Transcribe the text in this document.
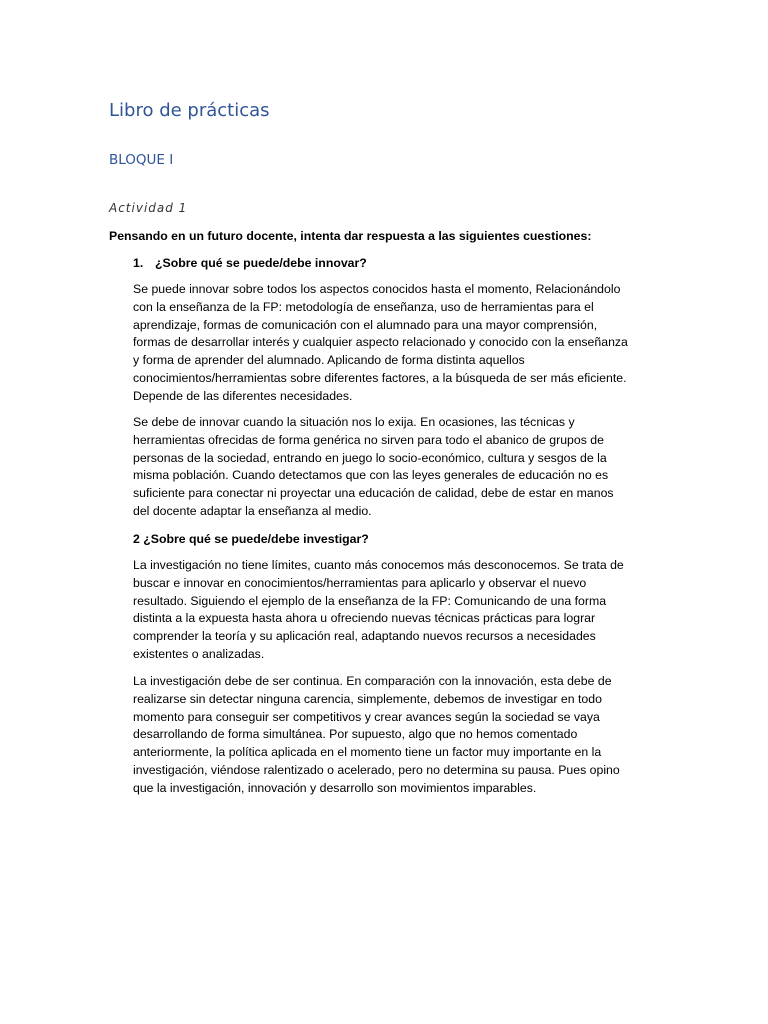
Libro de prácticas
BLOQUE I
Actividad 1

Pensando en un futuro docente, intenta dar respuesta a las siguientes cuestiones:

1. ¿Sobre qué se puede/debe innovar?

Se puede innovar sobre todos los aspectos conocidos hasta el momento, Relacionándolo
con la enseñanza de la FP: metodología de enseñanza, uso de herramientas para el
aprendizaje, formas de comunicación con el alumnado para una mayor comprensión,
formas de desarrollar interés y cualquier aspecto relacionado y conocido con la enseñanza
y forma de aprender del alumnado. Aplicando de forma distinta aquellos
conocimientos/herramientas sobre diferentes factores, a la búsqueda de ser más eficiente.
Depende de las diferentes necesidades.
Se debe de innovar cuando la situación nos lo exija. En ocasiones, las técnicas y
herramientas ofrecidas de forma genérica no sirven para todo el abanico de grupos de
personas de la sociedad, entrando en juego lo socio-económico, cultura y sesgos de la
misma población. Cuando detectamos que con las leyes generales de educación no es
suficiente para conectar ni proyectar una educación de calidad, debe de estar en manos
del docente adaptar la enseñanza al medio.

2 ¿Sobre qué se puede/debe investigar?

La investigación no tiene límites, cuanto más conocemos más desconocemos. Se trata de
buscar e innovar en conocimientos/herramientas para aplicarlo y observar el nuevo
resultado. Siguiendo el ejemplo de la enseñanza de la FP: Comunicando de una forma
distinta a la expuesta hasta ahora u ofreciendo nuevas técnicas prácticas para lograr
comprender la teoría y su aplicación real, adaptando nuevos recursos a necesidades
existentes o analizadas.
La investigación debe de ser continua. En comparación con la innovación, esta debe de
realizarse sin detectar ninguna carencia, simplemente, debemos de investigar en todo
momento para conseguir ser competitivos y crear avances según la sociedad se vaya
desarrollando de forma simultánea. Por supuesto, algo que no hemos comentado
anteriormente, la política aplicada en el momento tiene un factor muy importante en la
investigación, viéndose ralentizado o acelerado, pero no determina su pausa. Pues opino
que la investigación, innovación y desarrollo son movimientos imparables.
